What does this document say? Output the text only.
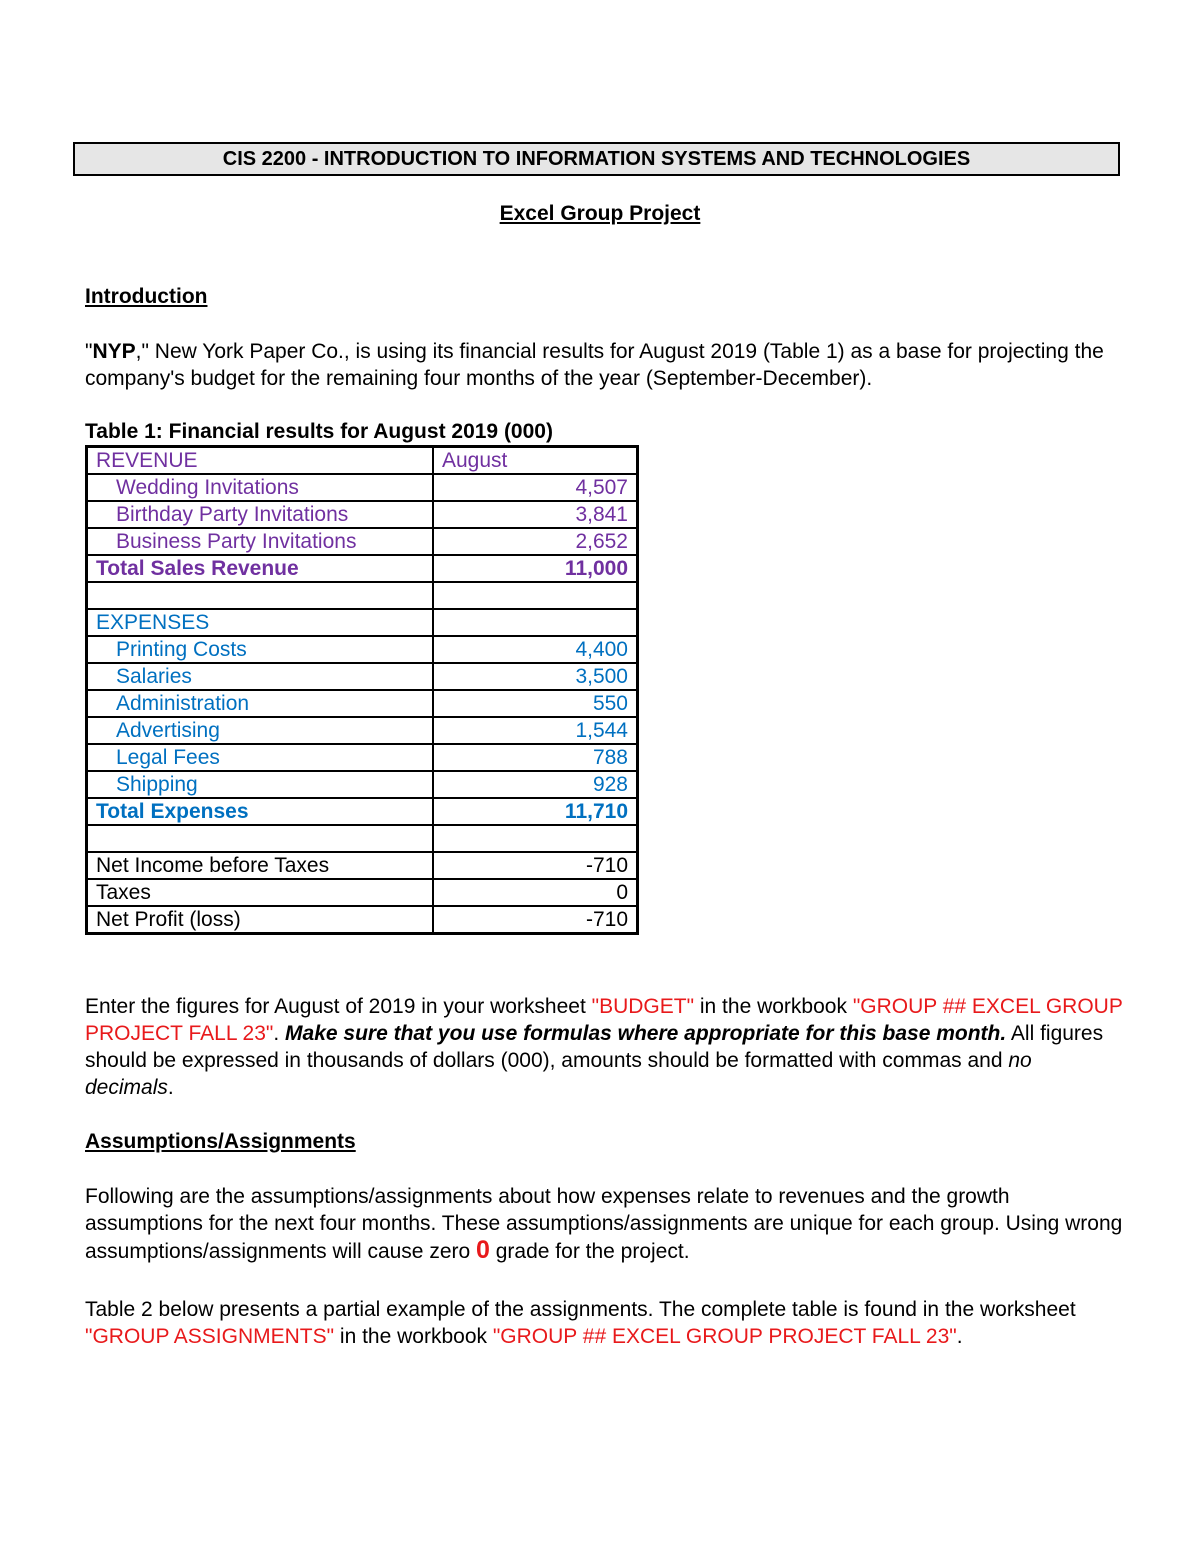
CIS 2200 - INTRODUCTION TO INFORMATION SYSTEMS AND TECHNOLOGIES
Excel Group Project
Introduction

"NYP," New York Paper Co., is using its financial results for August 2019 (Table 1) as a base for projecting the company's budget for the remaining four months of the year (September-December).

Table 1: Financial results for August 2019 (000)
REVENUE	August
Wedding Invitations	4,507
Birthday Party Invitations	3,841
Business Party Invitations	2,652
Total Sales Revenue	11,000

EXPENSES	
Printing Costs	4,400
Salaries	3,500
Administration	550
Advertising	1,544
Legal Fees	788
Shipping	928
Total Expenses	11,710

Net Income before Taxes	-710
Taxes	0
Net Profit (loss)	-710

Enter the figures for August of 2019 in your worksheet "BUDGET" in the workbook "GROUP ## EXCEL GROUP PROJECT FALL 23". Make sure that you use formulas where appropriate for this base month. All figures should be expressed in thousands of dollars (000), amounts should be formatted with commas and no decimals.

Assumptions/Assignments

Following are the assumptions/assignments about how expenses relate to revenues and the growth assumptions for the next four months. These assumptions/assignments are unique for each group. Using wrong assumptions/assignments will cause zero 0 grade for the project.

Table 2 below presents a partial example of the assignments. The complete table is found in the worksheet "GROUP ASSIGNMENTS" in the workbook "GROUP ## EXCEL GROUP PROJECT FALL 23".
